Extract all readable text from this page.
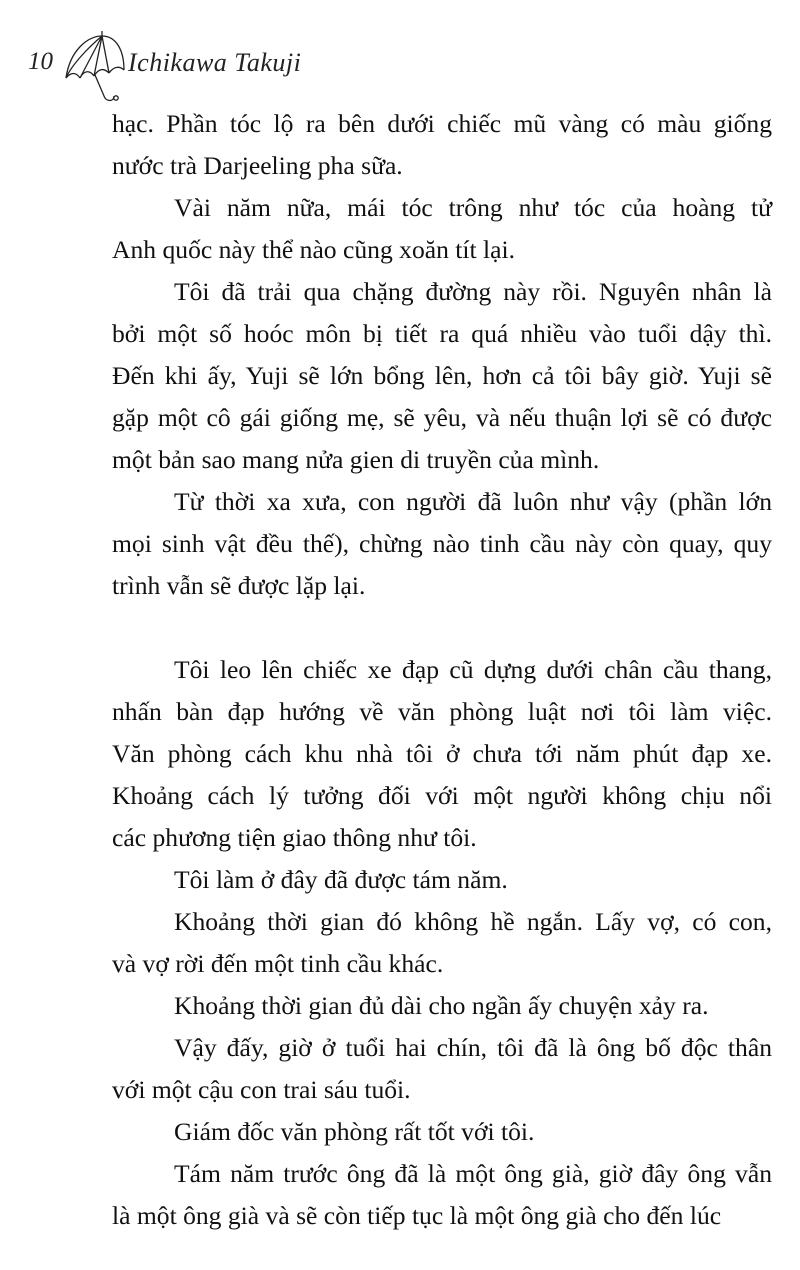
10	Ichikawa Takuji
hạc. Phần tóc lộ ra bên dưới chiếc mũ vàng có màu giống
nước trà Darjeeling pha sữa.
Vài năm nữa, mái tóc trông như tóc của hoàng tử
Anh quốc này thể nào cũng xoăn tít lại.
Tôi đã trải qua chặng đường này rồi. Nguyên nhân là
bởi một số hoóc môn bị tiết ra quá nhiều vào tuổi dậy thì.
Đến khi ấy, Yuji sẽ lớn bổng lên, hơn cả tôi bây giờ. Yuji sẽ
gặp một cô gái giống mẹ, sẽ yêu, và nếu thuận lợi sẽ có được
một bản sao mang nửa gien di truyền của mình.
Từ thời xa xưa, con người đã luôn như vậy (phần lớn
mọi sinh vật đều thế), chừng nào tinh cầu này còn quay, quy
trình vẫn sẽ được lặp lại.
Tôi leo lên chiếc xe đạp cũ dựng dưới chân cầu thang,
nhấn bàn đạp hướng về văn phòng luật nơi tôi làm việc.
Văn phòng cách khu nhà tôi ở chưa tới năm phút đạp xe.
Khoảng cách lý tưởng đối với một người không chịu nổi
các phương tiện giao thông như tôi.
Tôi làm ở đây đã được tám năm.
Khoảng thời gian đó không hề ngắn. Lấy vợ, có con,
và vợ rời đến một tinh cầu khác.
Khoảng thời gian đủ dài cho ngần ấy chuyện xảy ra.
Vậy đấy, giờ ở tuổi hai chín, tôi đã là ông bố độc thân
với một cậu con trai sáu tuổi.
Giám đốc văn phòng rất tốt với tôi.
Tám năm trước ông đã là một ông già, giờ đây ông vẫn
là một ông già và sẽ còn tiếp tục là một ông già cho đến lúc
